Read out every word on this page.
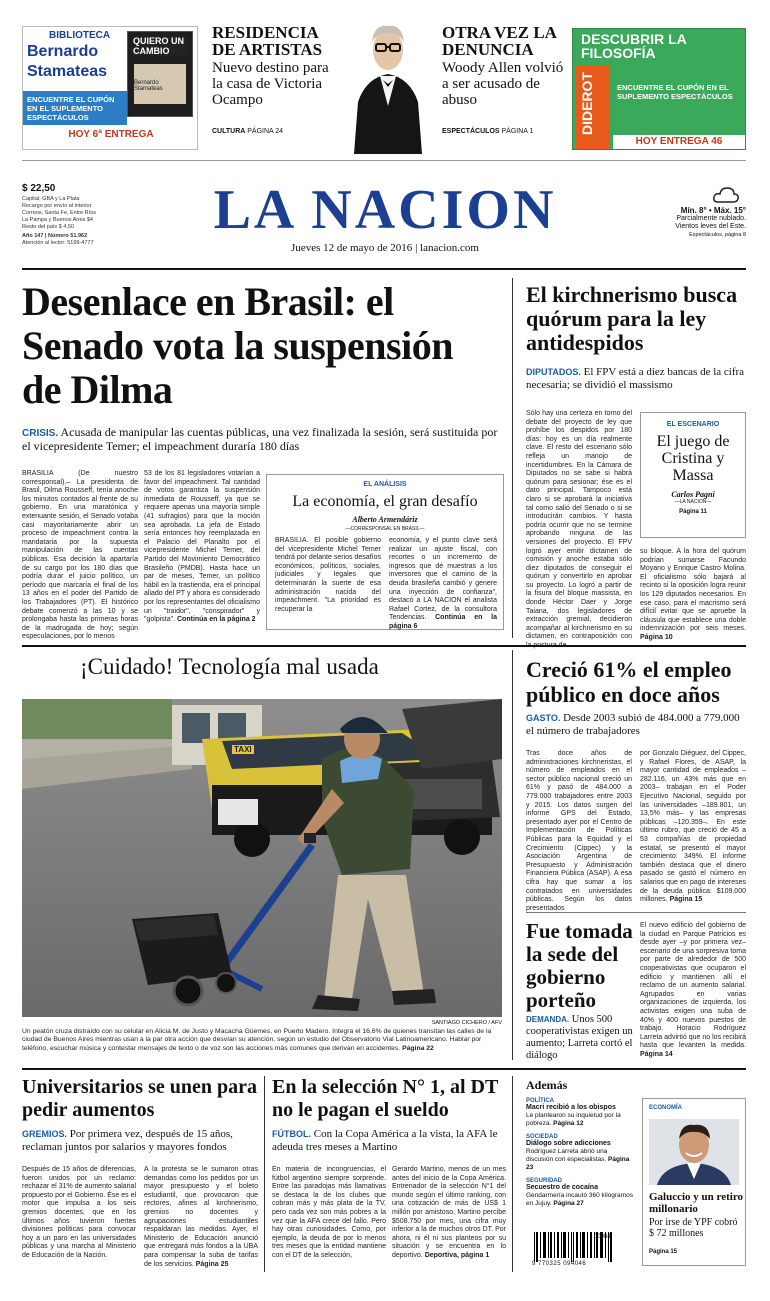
BIBLIOTECA
Bernardo
Stamateas
QUIERO UN CAMBIO
Bernardo Stamateas
ENCUENTRE EL CUPÓN EN EL SUPLEMENTO ESPECTÁCULOS
HOY 6ª ENTREGA
RESIDENCIA DE ARTISTAS
Nuevo destino para la casa de Victoria Ocampo
CULTURA PÁGINA 24
OTRA VEZ LA DENUNCIA
Woody Allen volvió a ser acusado de abuso
ESPECTÁCULOS PÁGINA 1
DESCUBRIR LA FILOSOFÍA
DIDEROT	ENCUENTRE EL CUPÓN EN EL SUPLEMENTO ESPECTÁCULOS
HOY ENTREGA 46
$ 22,50
Capital, GBA y La Plata
Recargo por envío al interior
Correos, Santa Fe, Entre Ríos
La Pampa y Buenos Aires $4
Resto del país $ 4,50
Año 147 | Número 51.962
Atención al lector: 5199-4777
LA NACION
Jueves 12 de mayo de 2016 | lanacion.com
Mín. 8° • Máx. 15°
Parcialmente nublado.
Vientos leves del Este.
Espectáculos, página 8
Desenlace en Brasil: el Senado vota la suspensión de Dilma
CRISIS. Acusada de manipular las cuentas públicas, una vez finalizada la sesión, será sustituida por el vicepresidente Temer; el impeachment duraría 180 días
BRASILIA (De nuestro corresponsal).– La presidenta de Brasil, Dilma Rousseff, tenía anoche los minutos contados al frente de su gobierno. En una maratónica y extenuante sesión, el Senado votaba casi mayoritariamente abrir un proceso de impeachment contra la mandataria por la supuesta manipulación de las cuentas públicas. Esa decisión la apartaría de su cargo por los 180 días que podría durar el juicio político, un período que marcaría el final de los 13 años en el poder del Partido de los Trabajadores (PT). El histórico debate comenzó a las 10 y se prolongaba hasta las primeras horas de la madrugada de hoy; según especulaciones, por lo menos
53 de los 81 legisladores votarían a favor del impeachment. Tal cantidad de votos garantiza la suspensión inmediata de Rousseff, ya que se requiere apenas una mayoría simple (41 sufragios) para que la moción sea aprobada. La jefa de Estado sería entonces hoy reemplazada en el Palacio del Planalto por el vicepresidente Michel Temer, del Partido del Movimiento Democrático Brasileño (PMDB). Hasta hace un par de meses, Temer, un político hábil en la trastienda, era el principal aliado del PT y ahora es considerado por los representantes del oficialismo un "traidor", "conspirador" y "golpista". Continúa en la página 2
EL ANÁLISIS
La economía, el gran desafío
Alberto Armendáriz
—CORRESPONSAL EN BRASIL—
BRASILIA. El posible gobierno del vicepresidente Michel Temer tendrá por delante serios desafíos económicos, políticos, sociales, judiciales y legales que determinarán la suerte de esa administración nacida del impeachment. "La prioridad es recuperar la
economía, y el punto clave será realizar un ajuste fiscal, con recortes o un incremento de ingresos que dé muestras a los inversores que el camino de la deuda brasileña cambió y genere una inyección de confianza", destacó a LA NACION el analista Rafael Cortez, de la consultora Tendencias. Continúa en la página 6
El kirchnerismo busca quórum para la ley antidespidos
DIPUTADOS. El FPV está a diez bancas de la cifra necesaria; se dividió el massismo
Sólo hay una certeza en torno del debate del proyecto de ley que prohíbe los despidos por 180 días: hoy es un día realmente clave. El resto del escenario sólo refleja un manojo de incertidumbres. En la Cámara de Diputados no se sabe si habrá quórum para sesionar; ése es el dato principal. Tampoco está claro si se aprobará la iniciativa tal como salió del Senado o si se introducirán cambios. Y hasta podría ocurrir que no se termine aprobando ninguna de las versiones del proyecto. El FPV logró ayer emitir dictamen de comisión y anoche estaba sólo diez diputados de conseguir el quórum y convertirlo en aprobar su proyecto. Lo logró a partir de la fisura del bloque massista, en donde Héctor Daer y Jorge Taiana, dos legisladores de extracción gremial, decidieron acompañar al kirchnerismo en su dictamen, en contraposición con
EL ESCENARIO
El juego de Cristina y Massa
Carlos Pagni
—LA NACION—
Página 11
su bloque. A la hora del quórum podrían sumarse Facundo Moyano y Enrique Castro Molina. El oficialismo sólo bajará al recinto si la oposición logra reunir los 129 diputados necesarios. En ese caso, para el macrismo será difícil evitar que se apruebe la cláusula que establece una doble indemnización por seis meses. Página 10
¡Cuidado! Tecnología mal usada
TAXI
SANTIAGO CICHERO / AFV
Un peatón cruza distraído con su celular en Alicia M. de Justo y Macacha Güemes, en Puerto Madero. Integra el 16,6% de quienes transitan las calles de la ciudad de Buenos Aires mientras usan a la par otra acción que desvían su atención, según un estudio del Observatorio Vial Latinoamericano. Hablar por teléfono, escuchar música y contestar mensajes de texto o de voz son las acciones más comunes que derivan en accidentes. Página 22
Creció 61% el empleo público en doce años
GASTO. Desde 2003 subió de 484.000 a 779.000 el número de trabajadores
Tras doce años de administraciones kirchneristas, el número de empleados en el sector público nacional creció un 61% y pasó de 484.000 a 779.000 trabajadores entre 2003 y 2015. Los datos surgen del informe GPS del Estado, presentado ayer por el Centro de Implementación de Políticas Públicas para la Equidad y el Crecimiento (Cippec) y la Asociación Argentina de Presupuesto y Administración Financiera Pública (ASAP). A esa cifra hay que sumar a los contratados en universidades públicas. Según los datos presentados
por Gonzalo Diéguez, del Cippec, y Rafael Flores, de ASAP, la mayor cantidad de empleados –282.116, un 43% más que en 2003– trabajan en el Poder Ejecutivo Nacional, seguido por las universidades –189.801, un 13,5% más– y las empresas públicas –120.359–. En este último rubro, que creció de 45 a 53 compañías de propiedad estatal, se presentó el mayor crecimiento: 349%. El informe también destaca que el dinero pasado se gastó el número en salarios que en pago de intereses de la deuda pública: $109.000 millones. Página 15
Fue tomada la sede del gobierno porteño
DEMANDA. Unos 500 cooperativistas exigen un aumento; Larreta cortó el diálogo
El nuevo edificio del gobierno de la ciudad en Parque Patricios es desde ayer –y por primera vez– escenario de una sorpresiva toma por parte de alrededor de 500 cooperativistas que ocuparon el edificio y mantienen allí el reclamo de un aumento salarial. Agrupados en varias organizaciones de izquierda, los activistas exigen una suba de 40% y 400 nuevos puestos de trabajo. Horacio Rodríguez Larreta advirtió que no los recibirá hasta que levanten la medida. Página 14
Universitarios se unen para pedir aumentos
GREMIOS. Por primera vez, después de 15 años, reclaman juntos por salarios y mayores fondos
Después de 15 años de diferencias, fueron unidos por un reclamo: rechazar el 31% de aumento salarial propuesto por el Gobierno. Ése es el motor que impulsa a los seis gremios docentes, que en los últimos años tuvieron fuertes divisiones políticas para convocar hoy a un paro en las universidades públicas y una marcha al Ministerio de Educación de la Nación.
A la protesta se le sumaron otras demandas como los pedidos por un mayor presupuesto y el boleto estudiantil, que provocaron que rectores, afines al kirchnerismo, gremios no docentes y agrupaciones estudiantiles respaldaran las medidas. Ayer, el Ministerio de Educación anunció que entregará más fondos a la UBA para compensar la suba de tarifas de los servicios. Página 25
En la selección N° 1, al DT no le pagan el sueldo
FÚTBOL. Con la Copa América a la vista, la AFA le adeuda tres meses a Martino
En materia de incongruencias, el fútbol argentino siempre sorprende. Entre las paradojas más llamativas se destaca la de los clubes que cobran más y más plata de la TV, pero cada vez son más pobres a la vez que la AFA crece del fallo. Pero hay otras curiosidades. Como, por ejemplo, la deuda de por lo menos tres meses que la entidad mantiene con el DT de la selección,
Gerardo Martino, menos de un mes antes del inicio de la Copa América. Entrenador de la selección N°1 del mundo según el último ranking, con una cotización de más de US$ 1 millón por amistoso, Martino percibe $508.750 por mes, una cifra muy inferior a la de muchos otros DT. Por ahora, ni él ni sus planteos por su situación y se encuentra en lo deportivo. Deportiva, página 1
Además
POLÍTICA
Macri recibió a los obispos
Le plantearon su inquietud por la pobreza. Página 12
SOCIEDAD
Diálogo sobre adicciones
Rodríguez Larreta abrió una discusión con especialistas. Página 23
SEGURIDAD
Secuestro de cocaína
Gendarmería incautó 360 kilogramos en Jujuy. Página 27
9 770325 094046
00084
ECONOMÍA
Galuccio y un retiro millonario
Por irse de YPF cobró $ 72 millones
Página 15
